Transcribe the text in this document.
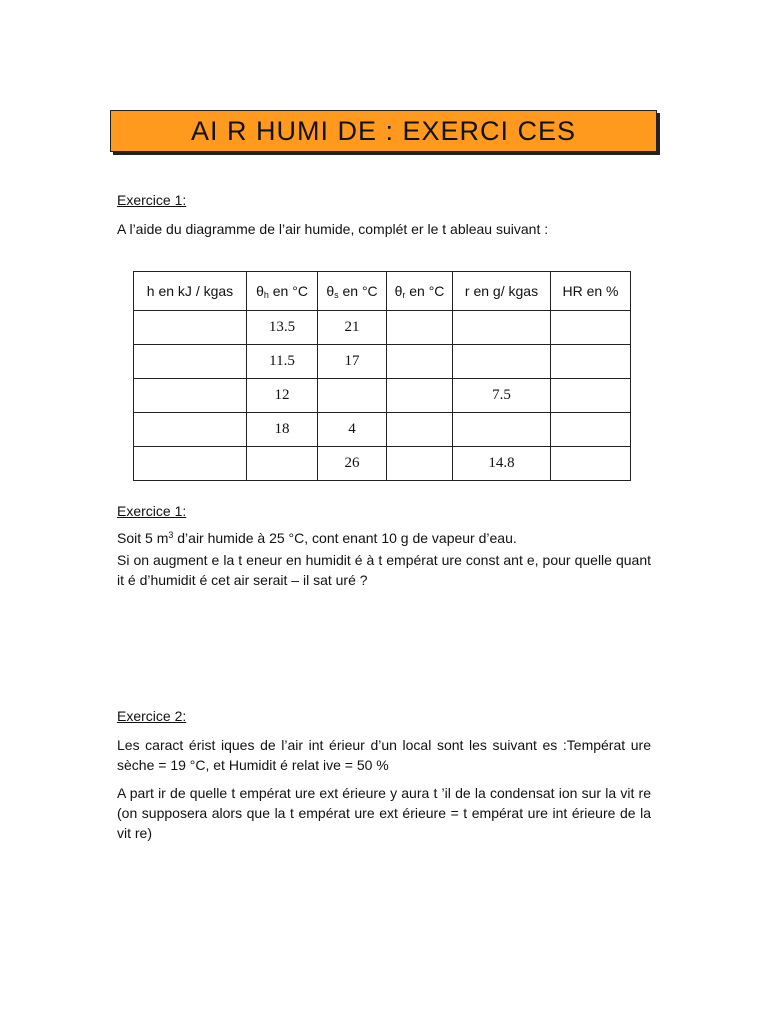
AI R HUMI DE : EXERCI CES
Exercice 1:
A l’aide du diagramme de l’air humide, complét er le t ableau suivant :
h en kJ / kgas	$\theta_h$ en °C	$\theta_s$ en °C	$\theta_r$ en °C	r en g/ kgas	HR en %
	13.5	21			
	11.5	17			
	12			7.5	
	18	4			
		26		14.8	
Exercice 1:
Soit 5 $m^3$ d’air humide à 25 °C, cont enant 10 g de vapeur d’eau.
Si on augment e la t eneur en humidit é à t empérat ure const ant e, pour quelle quant it é d’humidit é cet air serait – il sat uré ?
Exercice 2:
Les caract érist iques de l’air int érieur d’un local sont les suivant es :Températ ure sèche = 19 °C, et Humidit é relat ive = 50 %
A part ir de quelle t empérat ure ext érieure y aura t ’il de la condensat ion sur la vit re (on supposera alors que la t empérat ure ext érieure = t empérat ure int érieure de la vit re)
